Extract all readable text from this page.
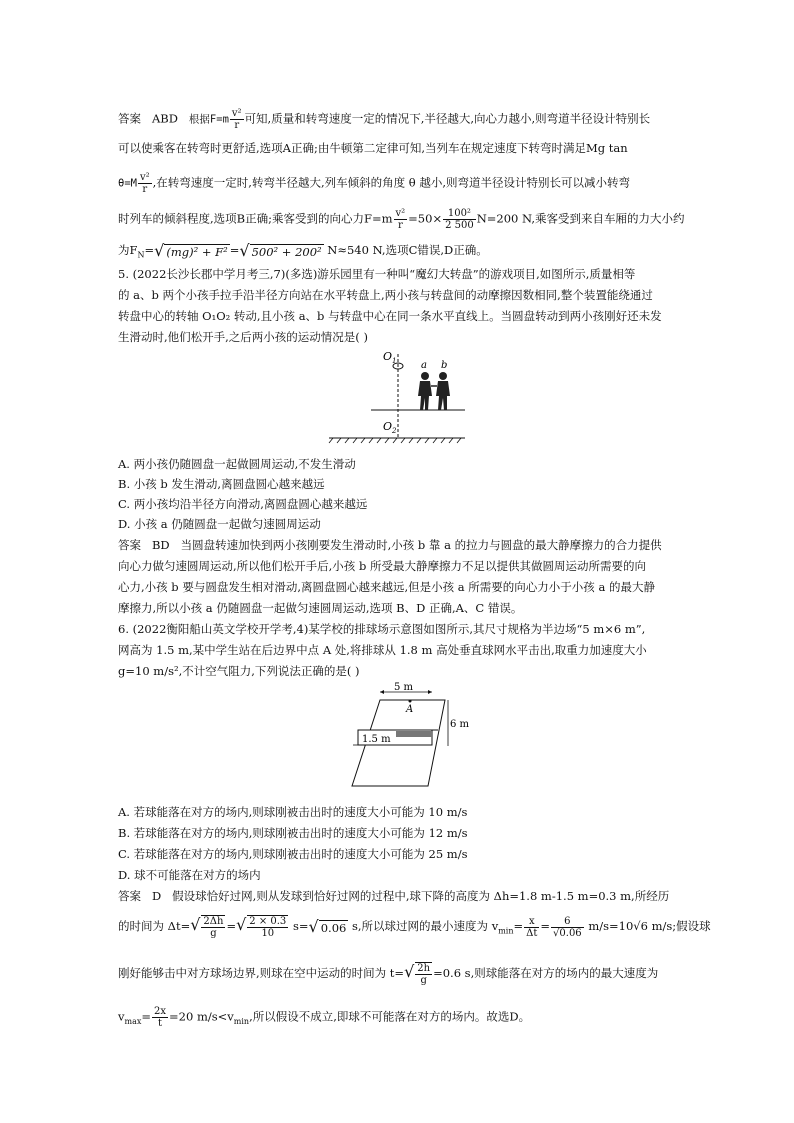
答案 ABD 根据$F=m \frac{\text{v²}}{r}$ 可知,质量和转弯速度一定的情况下,半径越大,向心力越小,则弯道半径设计特别长
可以使乘客在转弯时更舒适,选项A正确;由牛顿第二定律可知,当列车在规定速度下转弯时满足Mg tan
$\theta=M \frac{\text{v²}}{r}$ ,在转弯速度一定时,转弯半径越大,列车倾斜的角度 θ 越小,则弯道半径设计特别长可以减小转弯
时列车的倾斜程度,选项B正确;乘客受到的向心力$F=m \frac{\text{v²}}{r} =50\times \frac{\text{100²}}{2 500} N=200$ N,乘客受到来自车厢的力大小约
为$F_N=√$ (mg)² + F² =√ 500² + 200² N≈540 N,选项C错误,D正确。
5. (2022长沙长郡中学月考三,7)(多选)游乐园里有一种叫“魔幻大转盘”的游戏项目,如图所示,质量相等
的 a、b 两个小孩手拉手沿半径方向站在水平转盘上,两小孩与转盘间的动摩擦因数相同,整个装置能绕通过
转盘中心的转轴 O₁O₂ 转动,且小孩 a、b 与转盘中心在同一条水平直线上。当圆盘转动到两小孩刚好还未发
生滑动时,他们松开手,之后两小孩的运动情况是( )
$O_1$
$O_2$
a b
A. 两小孩仍随圆盘一起做圆周运动,不发生滑动
B. 小孩 b 发生滑动,离圆盘圆心越来越远
C. 两小孩均沿半径方向滑动,离圆盘圆心越来越远
D. 小孩 a 仍随圆盘一起做匀速圆周运动
答案 BD 当圆盘转速加快到两小孩刚要发生滑动时,小孩 b 靠 a 的拉力与圆盘的最大静摩擦力的合力提供
向心力做匀速圆周运动,所以他们松开手后,小孩 b 所受最大静摩擦力不足以提供其做圆周运动所需要的向
心力,小孩 b 要与圆盘发生相对滑动,离圆盘圆心越来越远,但是小孩 a 所需要的向心力小于小孩 a 的最大静
摩擦力,所以小孩 a 仍随圆盘一起做匀速圆周运动,选项 B、D 正确,A、C 错误。
6. (2022衡阳船山英文学校开学考,4)某学校的排球场示意图如图所示,其尺寸规格为半边场“5 m×6 m”,
网高为 1.5 m,某中学生站在后边界中点 A 处,将排球从 1.8 m 高处垂直球网水平击出,取重力加速度大小
g=10 m/s²,不计空气阻力,下列说法正确的是( )
5 m
6 m
A
1.5 m
A. 若球能落在对方的场内,则球刚被击出时的速度大小可能为 10 m/s
B. 若球能落在对方的场内,则球刚被击出时的速度大小可能为 12 m/s
C. 若球能落在对方的场内,则球刚被击出时的速度大小可能为 25 m/s
D. 球不可能落在对方的场内
答案 D 假设球恰好过网,则从发球到恰好过网的过程中,球下降的高度为 Δh=1.8 m-1.5 m=0.3 m,所经历
的时间为 $\Delta t=√ \frac{2\Delta h}{g}$ =√ $\frac{2 \times 0.3}{10} s=√$ 0.06 s,所以球过网的最小速度为 $v_{min}= \frac{x}{\Delta t} = \frac{6}{√0.06} m/s=10√6$ m/s;假设球
刚好能够击中对方球场边界,则球在空中运动的时间为 $t=√ \frac{2h}{g} =0.6$ s,则球能落在对方的场内的最大速度为
$v_{max}= \frac{2x}{t} =20$ $m/s<v_{min}$,所以假设不成立,即球不可能落在对方的场内。故选D。
